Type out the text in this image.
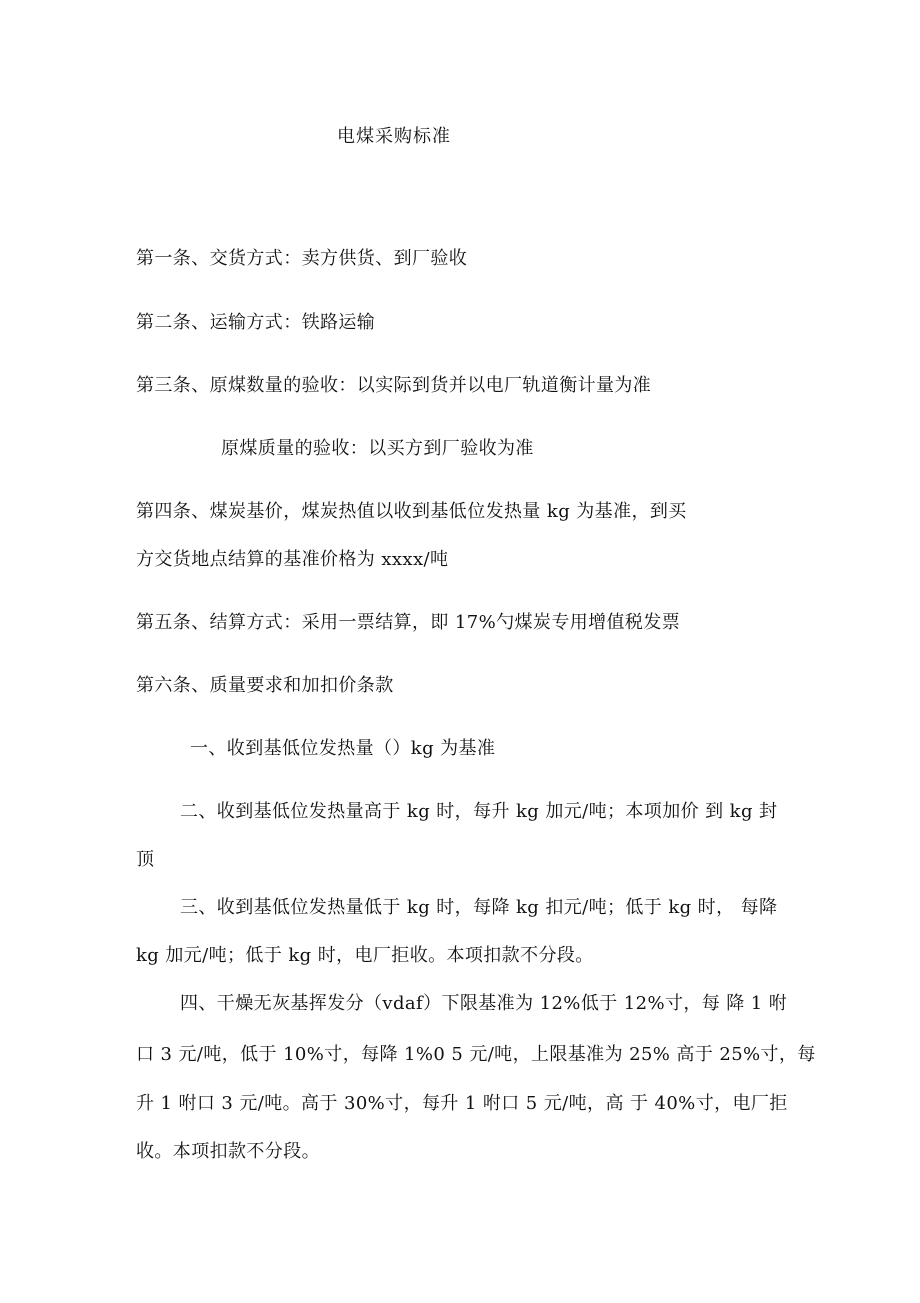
电煤采购标准
第一条、交货方式：卖方供货、到厂验收
第二条、运输方式：铁路运输
第三条、原煤数量的验收：以实际到货并以电厂轨道衡计量为准
原煤质量的验收：以买方到厂验收为准
第四条、煤炭基价，煤炭热值以收到基低位发热量 kg 为基准，到买
方交货地点结算的基准价格为 xxxx/吨
第五条、结算方式：采用一票结算，即 17%勺煤炭专用增值税发票
第六条、质量要求和加扣价条款
一、收到基低位发热量（）kg 为基准
二、收到基低位发热量高于 kg 时，每升 kg 加元/吨；本项加价 到 kg 封
顶
三、收到基低位发热量低于 kg 时，每降 kg 扣元/吨；低于 kg 时， 每降
kg 加元/吨；低于 kg 时，电厂拒收。本项扣款不分段。
四、干燥无灰基挥发分（vdaf）下限基准为 12%低于 12%寸，每 降 1 咐
口 3 元/吨，低于 10%寸，每降 1%0 5 元/吨，上限基准为 25% 高于 25%寸，每
升 1 咐口 3 元/吨。高于 30%寸，每升 1 咐口 5 元/吨，高 于 40%寸，电厂拒
收。本项扣款不分段。
